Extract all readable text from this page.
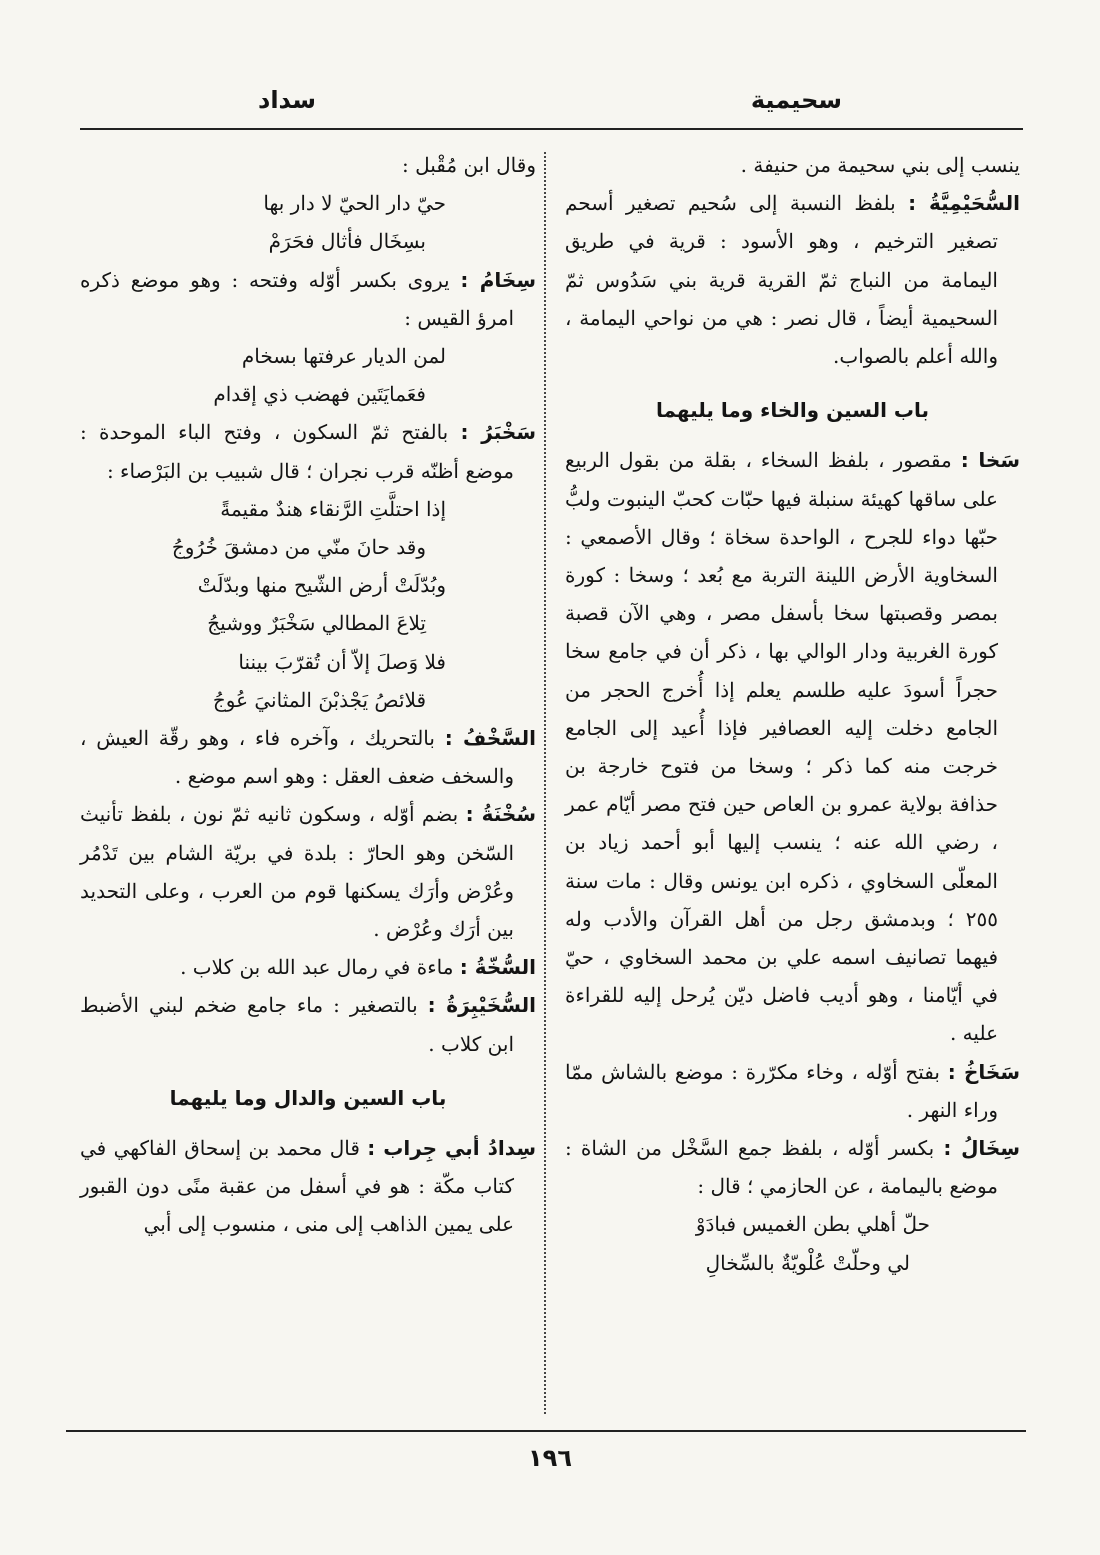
سحيمية
سداد

ينسب إلى بني سحيمة من حنيفة .

السُّحَيْمِيَّةُ : بلفظ النسبة إلى سُحيم تصغير أسحم تصغير الترخيم ، وهو الأسود : قرية في طريق اليمامة من النباج ثمّ القرية قرية بني سَدُوس ثمّ السحيمية أيضاً ، قال نصر : هي من نواحي اليمامة ، والله أعلم بالصواب.

باب السين والخاء وما يليهما

سَخا : مقصور ، بلفظ السخاء ، بقلة من بقول الربيع على ساقها كهيئة سنبلة فيها حبّات كحبّ الينبوت ولبُّ حبّها دواء للجرح ، الواحدة سخاة ؛ وقال الأصمعي : السخاوية الأرض اللينة التربة مع بُعد ؛ وسخا : كورة بمصر وقصبتها سخا بأسفل مصر ، وهي الآن قصبة كورة الغربية ودار الوالي بها ، ذكر أن في جامع سخا حجراً أسودَ عليه طلسم يعلم إذا أُخرج الحجر من الجامع دخلت إليه العصافير فإذا أُعيد إلى الجامع خرجت منه كما ذكر ؛ وسخا من فتوح خارجة بن حذافة بولاية عمرو بن العاص حين فتح مصر أيّام عمر ، رضي الله عنه ؛ ينسب إليها أبو أحمد زياد بن المعلّى السخاوي ، ذكره ابن يونس وقال : مات سنة ٢٥٥ ؛ وبدمشق رجل من أهل القرآن والأدب وله فيهما تصانيف اسمه علي بن محمد السخاوي ، حيّ في أيّامنا ، وهو أديب فاضل ديّن يُرحل إليه للقراءة عليه .

سَخَاخُ : بفتح أوّله ، وخاء مكرّرة : موضع بالشاش ممّا وراء النهر .

سِخَالُ : بكسر أوّله ، بلفظ جمع السَّخْل من الشاة : موضع باليمامة ، عن الحازمي ؛ قال :

حلّ أهلي بطن الغميس فبادَوْ

لي وحلّتْ عُلْويّةٌ بالسِّخالِ

وقال ابن مُقْبل :

حيّ دار الحيّ لا دار بها

بسِخَال فأثال فحَرَمْ

سِخَامُ : يروى بكسر أوّله وفتحه : وهو موضع ذكره امرؤ القيس :

لمن الديار عرفتها بسخام

فعَمايَتَين فهضب ذي إقدام

سَخْبَرُ : بالفتح ثمّ السكون ، وفتح الباء الموحدة : موضع أظنّه قرب نجران ؛ قال شبيب بن البَرْصاء :

إذا احتلَّتِ الرَّنقاء هندٌ مقيمةً

وقد حانَ منّي من دمشقَ خُرُوجُ

وبُدّلَتْ أرض الشّيح منها وبدّلَتْ

تِلاعَ المطالي سَخْبَرٌ ووشيجُ

فلا وَصلَ إلاّ أن تُقرّبَ بيننا

قلائصُ يَجْذبْنَ المثانيَ عُوجُ

السَّخْفُ : بالتحريك ، وآخره فاء ، وهو رقّة العيش ، والسخف ضعف العقل : وهو اسم موضع .

سُخْنَةُ : بضم أوّله ، وسكون ثانيه ثمّ نون ، بلفظ تأنيث السّخن وهو الحارّ : بلدة في بريّة الشام بين تَدْمُر وعُرْض وأرَك يسكنها قوم من العرب ، وعلى التحديد بين أرَك وعُرْض .

السُّخّةُ : ماءة في رمال عبد الله بن كلاب .

السُّخَيْبِرَةُ : بالتصغير : ماء جامع ضخم لبني الأضبط ابن كلاب .

باب السين والدال وما يليهما

سِدادُ أبي جِراب : قال محمد بن إسحاق الفاكهي في كتاب مكّة : هو في أسفل من عقبة منًى دون القبور على يمين الذاهب إلى منى ، منسوب إلى أبي

١٩٦
